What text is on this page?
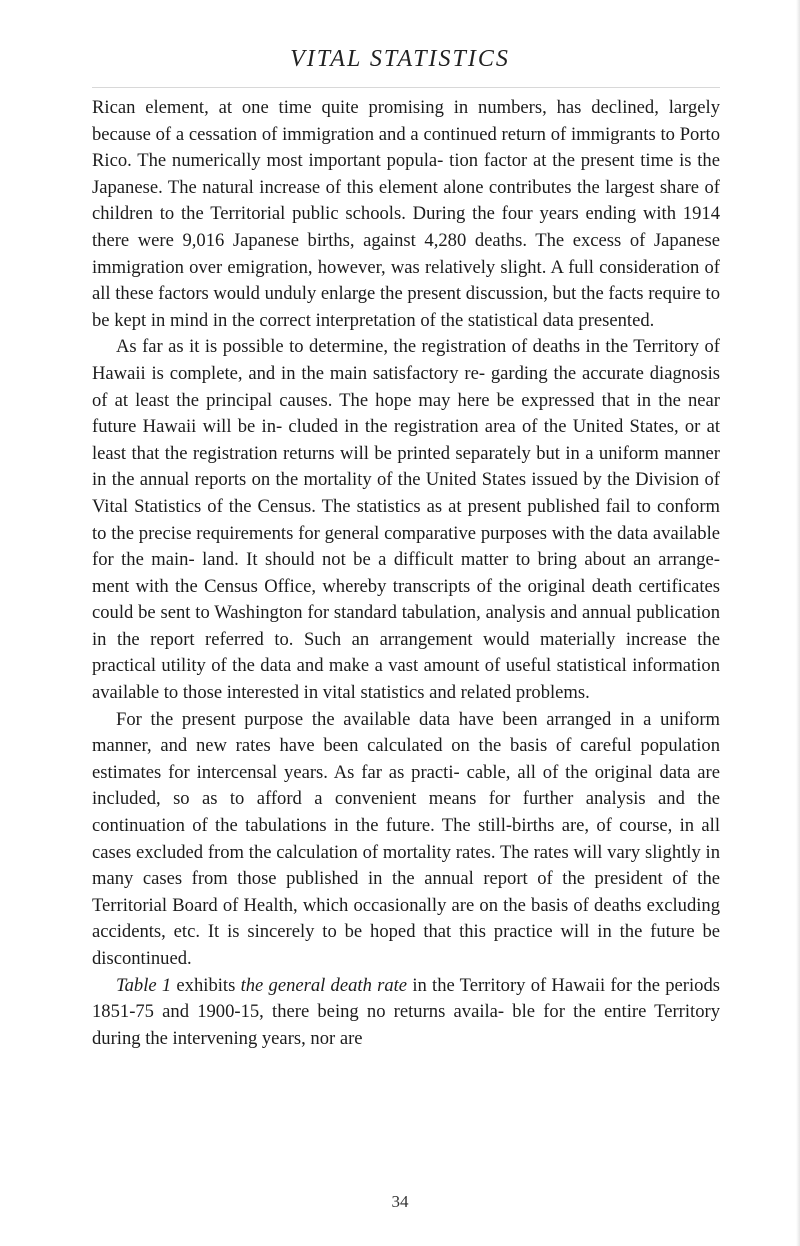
VITAL STATISTICS

Rican element, at one time quite promising in numbers, has declined, largely because of a cessation of immigration and a continued return of immigrants to Porto Rico. The numerically most important popula- tion factor at the present time is the Japanese. The natural increase of this element alone contributes the largest share of children to the Territorial public schools. During the four years ending with 1914 there were 9,016 Japanese births, against 4,280 deaths. The excess of Japanese immigration over emigration, however, was relatively slight. A full consideration of all these factors would unduly enlarge the present discussion, but the facts require to be kept in mind in the correct interpretation of the statistical data presented.

As far as it is possible to determine, the registration of deaths in the Territory of Hawaii is complete, and in the main satisfactory re- garding the accurate diagnosis of at least the principal causes. The hope may here be expressed that in the near future Hawaii will be in- cluded in the registration area of the United States, or at least that the registration returns will be printed separately but in a uniform manner in the annual reports on the mortality of the United States issued by the Division of Vital Statistics of the Census. The statistics as at present published fail to conform to the precise requirements for general comparative purposes with the data available for the main- land. It should not be a difficult matter to bring about an arrange- ment with the Census Office, whereby transcripts of the original death certificates could be sent to Washington for standard tabulation, analysis and annual publication in the report referred to. Such an arrangement would materially increase the practical utility of the data and make a vast amount of useful statistical information available to those interested in vital statistics and related problems.

For the present purpose the available data have been arranged in a uniform manner, and new rates have been calculated on the basis of careful population estimates for intercensal years. As far as practi- cable, all of the original data are included, so as to afford a convenient means for further analysis and the continuation of the tabulations in the future. The still-births are, of course, in all cases excluded from the calculation of mortality rates. The rates will vary slightly in many cases from those published in the annual report of the president of the Territorial Board of Health, which occasionally are on the basis of deaths excluding accidents, etc. It is sincerely to be hoped that this practice will in the future be discontinued.

Table 1 exhibits the general death rate in the Territory of Hawaii for the periods 1851-75 and 1900-15, there being no returns availa- ble for the entire Territory during the intervening years, nor are

34
